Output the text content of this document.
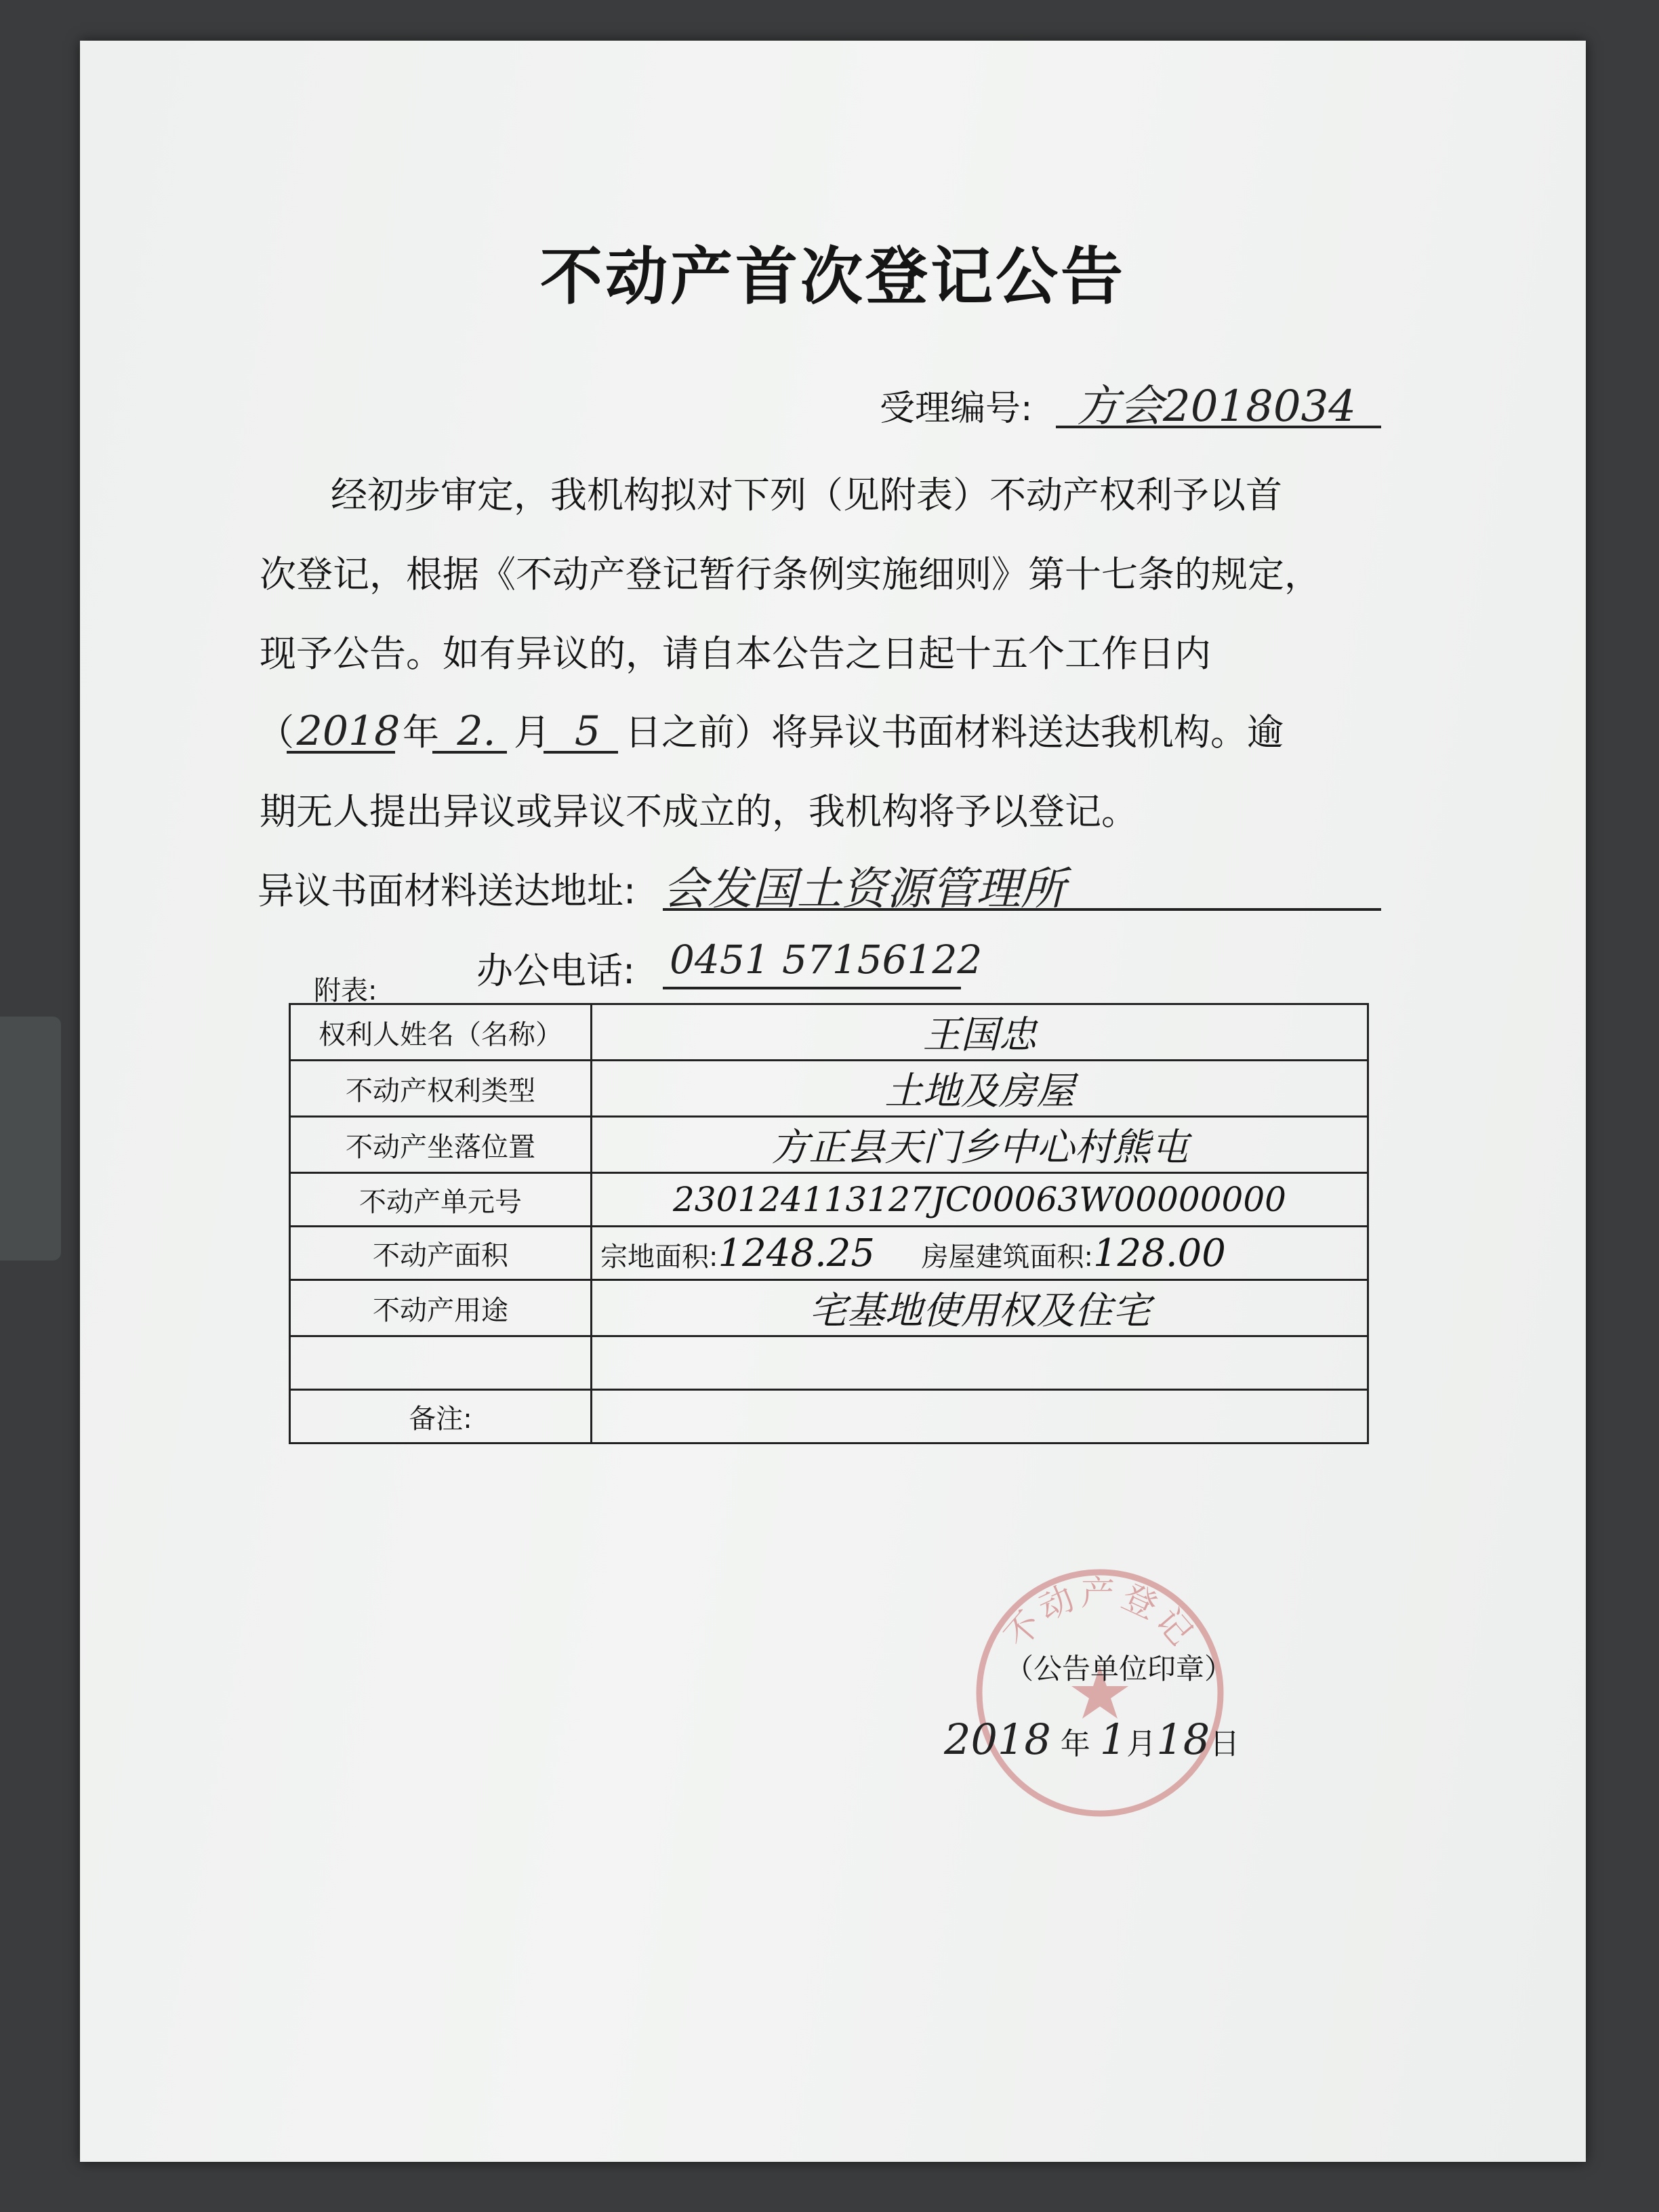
不动产首次登记公告
受理编号: 方会2018034
经初步审定，我机构拟对下列（见附表）不动产权利予以首
次登记，根据《不动产登记暂行条例实施细则》第十七条的规定，
现予公告。如有异议的，请自本公告之日起十五个工作日内
（2018年 2. 月 5 日之前）将异议书面材料送达我机构。逾
期无人提出异议或异议不成立的，我机构将予以登记。
异议书面材料送达地址: 会发国土资源管理所
办公电话: 0451 57156122
附表:
权利人姓名（名称）	王国忠
不动产权利类型	土地及房屋
不动产坐落位置	方正县天门乡中心村熊屯
不动产单元号	230124113127JC00063W00000000
不动产面积	宗地面积:1248.25 房屋建筑面积:128.00
不动产用途	宅基地使用权及住宅

备注:	
不动产登记
（公告单位印章）
2018 年 1月18日
